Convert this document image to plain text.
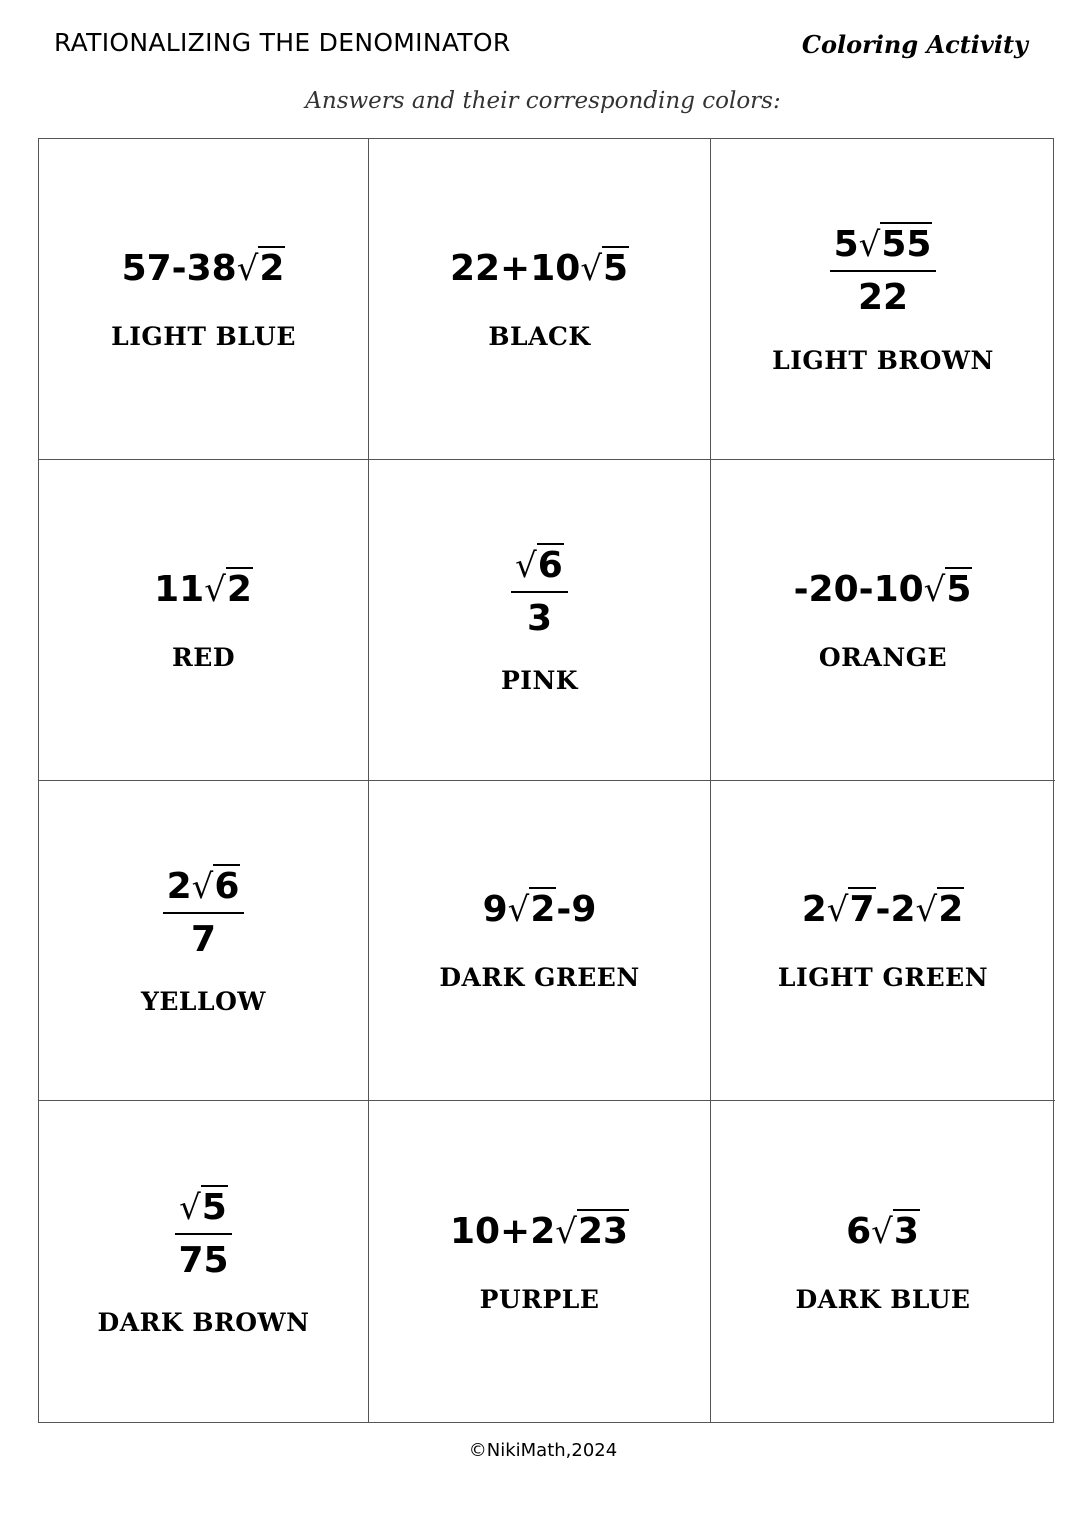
RATIONALIZING THE DENOMINATOR	Coloring Activity
Answers and their corresponding colors:
57-38√2
LIGHT BLUE
22+10√5
BLACK
$\frac{5√55}{22}$
LIGHT BROWN
11√2
RED
$\frac{√6}{3}$
PINK
-20-10√5
ORANGE
$\frac{2√6}{7}$
YELLOW
9√2-9
DARK GREEN
2√7-2√2
LIGHT GREEN
$\frac{√5}{75}$
DARK BROWN
10+2√23
PURPLE
6√3
DARK BLUE
©NikiMath,2024
